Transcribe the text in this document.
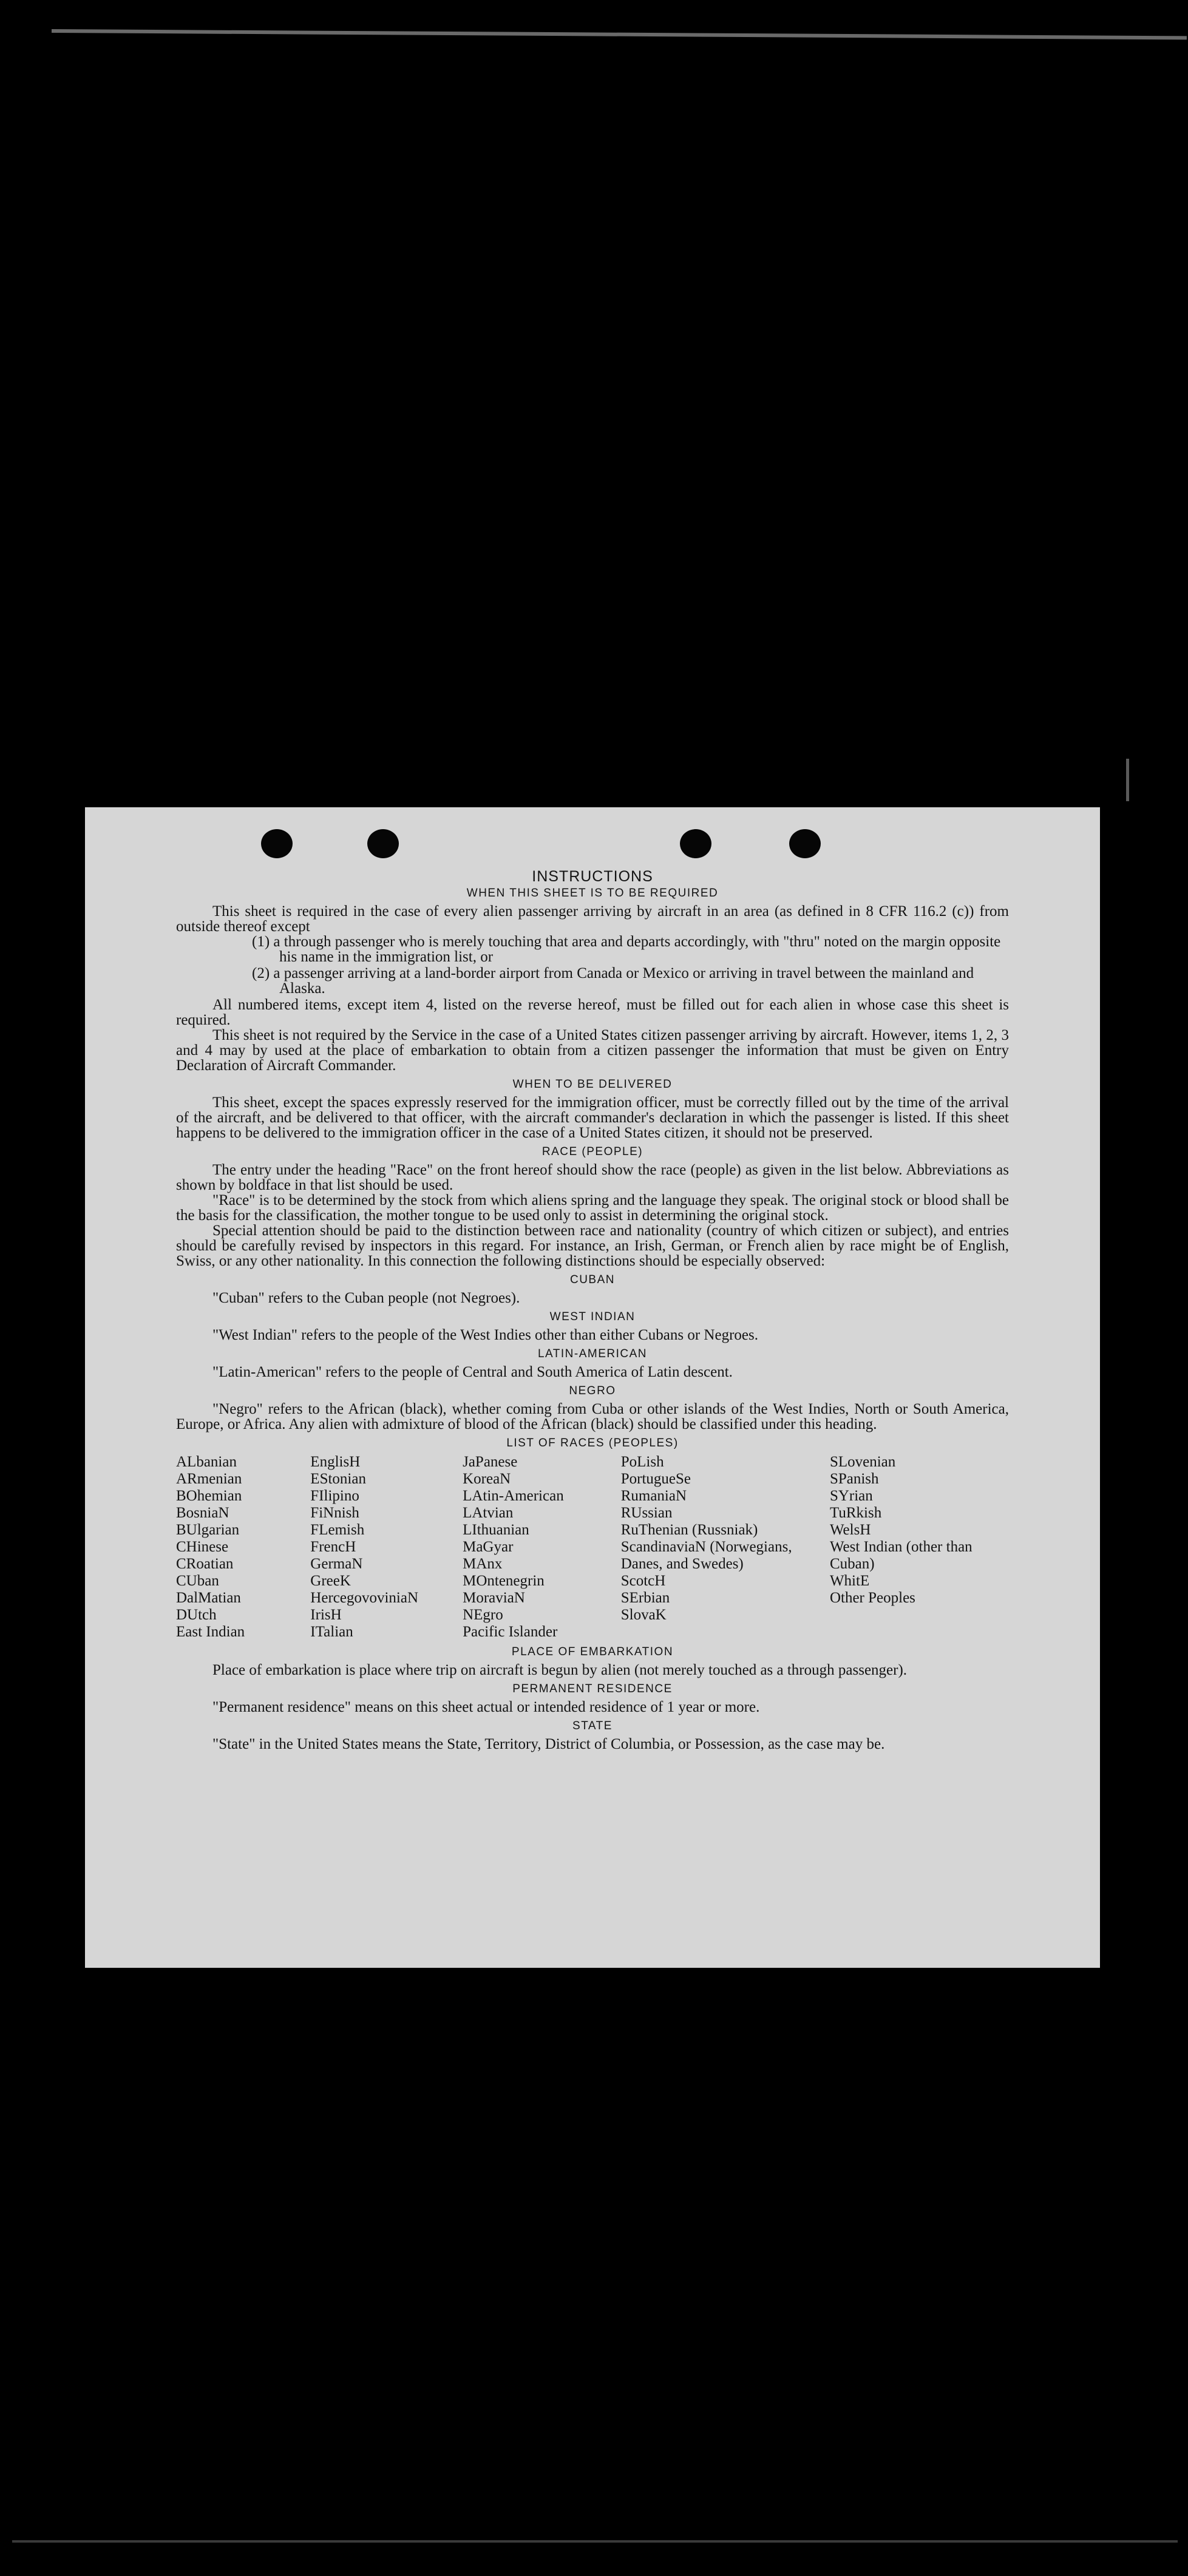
INSTRUCTIONS
WHEN THIS SHEET IS TO BE REQUIRED

This sheet is required in the case of every alien passenger arriving by aircraft in an area (as defined in 8 CFR 116.2 (c)) from outside thereof except

(1) a through passenger who is merely touching that area and departs accordingly, with "thru" noted on the margin opposite his name in the immigration list, or
(2) a passenger arriving at a land-border airport from Canada or Mexico or arriving in travel between the mainland and Alaska.

All numbered items, except item 4, listed on the reverse hereof, must be filled out for each alien in whose case this sheet is required.

This sheet is not required by the Service in the case of a United States citizen passenger arriving by aircraft. However, items 1, 2, 3 and 4 may by used at the place of embarkation to obtain from a citizen passenger the information that must be given on Entry Declaration of Aircraft Commander.

WHEN TO BE DELIVERED

This sheet, except the spaces expressly reserved for the immigration officer, must be correctly filled out by the time of the arrival of the aircraft, and be delivered to that officer, with the aircraft commander's declaration in which the passenger is listed. If this sheet happens to be delivered to the immigration officer in the case of a United States citizen, it should not be preserved.

RACE (PEOPLE)

The entry under the heading "Race" on the front hereof should show the race (people) as given in the list below. Abbreviations as shown by boldface in that list should be used.

"Race" is to be determined by the stock from which aliens spring and the language they speak. The original stock or blood shall be the basis for the classification, the mother tongue to be used only to assist in determining the original stock.

Special attention should be paid to the distinction between race and nationality (country of which citizen or subject), and entries should be carefully revised by inspectors in this regard. For instance, an Irish, German, or French alien by race might be of English, Swiss, or any other nationality. In this connection the following distinctions should be especially observed:

CUBAN

"Cuban" refers to the Cuban people (not Negroes).

WEST INDIAN

"West Indian" refers to the people of the West Indies other than either Cubans or Negroes.

LATIN-AMERICAN

"Latin-American" refers to the people of Central and South America of Latin descent.

NEGRO

"Negro" refers to the African (black), whether coming from Cuba or other islands of the West Indies, North or South America, Europe, or Africa. Any alien with admixture of blood of the African (black) should be classified under this heading.

LIST OF RACES (PEOPLES)
ALbanian
ARmenian
BOhemian
BosniaN
BUlgarian
CHinese
CRoatian
CUban
DalMatian
DUtch
East Indian
EnglisH
EStonian
FIlipino
FiNnish
FLemish
FrencH
GermaN
GreeK
HercegovoviniaN
IrisH
ITalian
JaPanese
KoreaN
LAtin-American
LAtvian
LIthuanian
MaGyar
MAnx
MOntenegrin
MoraviaN
NEgro
Pacific Islander
PoLish
PortugueSe
RumaniaN
RUssian
RuThenian (Russniak)
ScandinaviaN (Norwegians, Danes, and Swedes)
ScotcH
SErbian
SlovaK
SLovenian
SPanish
SYrian
TuRkish
WelsH
West Indian (other than Cuban)
WhitE
Other Peoples
PLACE OF EMBARKATION

Place of embarkation is place where trip on aircraft is begun by alien (not merely touched as a through passenger).

PERMANENT RESIDENCE

"Permanent residence" means on this sheet actual or intended residence of 1 year or more.

STATE

"State" in the United States means the State, Territory, District of Columbia, or Possession, as the case may be.
